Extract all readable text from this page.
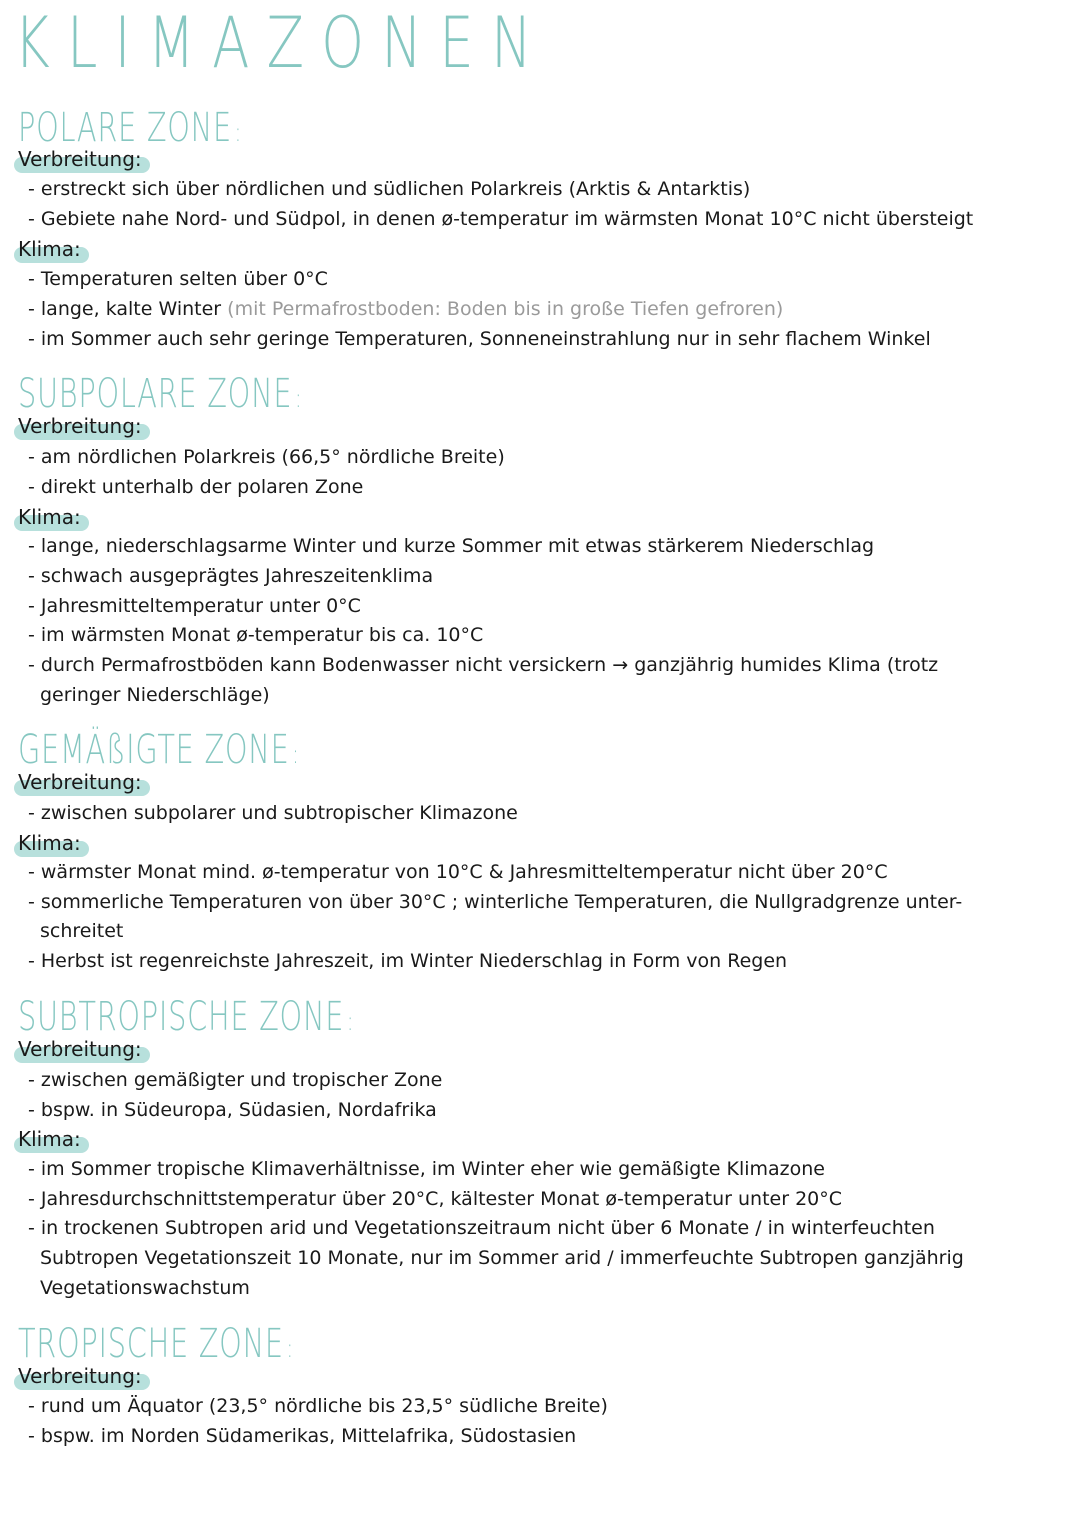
KLIMAZONEN
POLARE ZONE :
Verbreitung:
- erstreckt sich über nördlichen und südlichen Polarkreis (Arktis & Antarktis)
- Gebiete nahe Nord- und Südpol, in denen ø-temperatur im wärmsten Monat 10°C nicht übersteigt
Klima:
- Temperaturen selten über 0°C
- lange, kalte Winter (mit Permafrostboden: Boden bis in große Tiefen gefroren)
- im Sommer auch sehr geringe Temperaturen, Sonneneinstrahlung nur in sehr flachem Winkel
SUBPOLARE ZONE :
Verbreitung:
- am nördlichen Polarkreis (66,5° nördliche Breite)
- direkt unterhalb der polaren Zone
Klima:
- lange, niederschlagsarme Winter und kurze Sommer mit etwas stärkerem Niederschlag
- schwach ausgeprägtes Jahreszeitenklima
- Jahresmitteltemperatur unter 0°C
- im wärmsten Monat ø-temperatur bis ca. 10°C
- durch Permafrostböden kann Bodenwasser nicht versickern → ganzjährig humides Klima (trotz
geringer Niederschläge)
GEMÄßIGTE ZONE :
Verbreitung:
- zwischen subpolarer und subtropischer Klimazone
Klima:
- wärmster Monat mind. ø-temperatur von 10°C & Jahresmitteltemperatur nicht über 20°C
- sommerliche Temperaturen von über 30°C ; winterliche Temperaturen, die Nullgradgrenze unter-
schreitet
- Herbst ist regenreichste Jahreszeit, im Winter Niederschlag in Form von Regen
SUBTROPISCHE ZONE :
Verbreitung:
- zwischen gemäßigter und tropischer Zone
- bspw. in Südeuropa, Südasien, Nordafrika
Klima:
- im Sommer tropische Klimaverhältnisse, im Winter eher wie gemäßigte Klimazone
- Jahresdurchschnittstemperatur über 20°C, kältester Monat ø-temperatur unter 20°C
- in trockenen Subtropen arid und Vegetationszeitraum nicht über 6 Monate / in winterfeuchten
Subtropen Vegetationszeit 10 Monate, nur im Sommer arid / immerfeuchte Subtropen ganzjährig
Vegetationswachstum
TROPISCHE ZONE :
Verbreitung:
- rund um Äquator (23,5° nördliche bis 23,5° südliche Breite)
- bspw. im Norden Südamerikas, Mittelafrika, Südostasien
